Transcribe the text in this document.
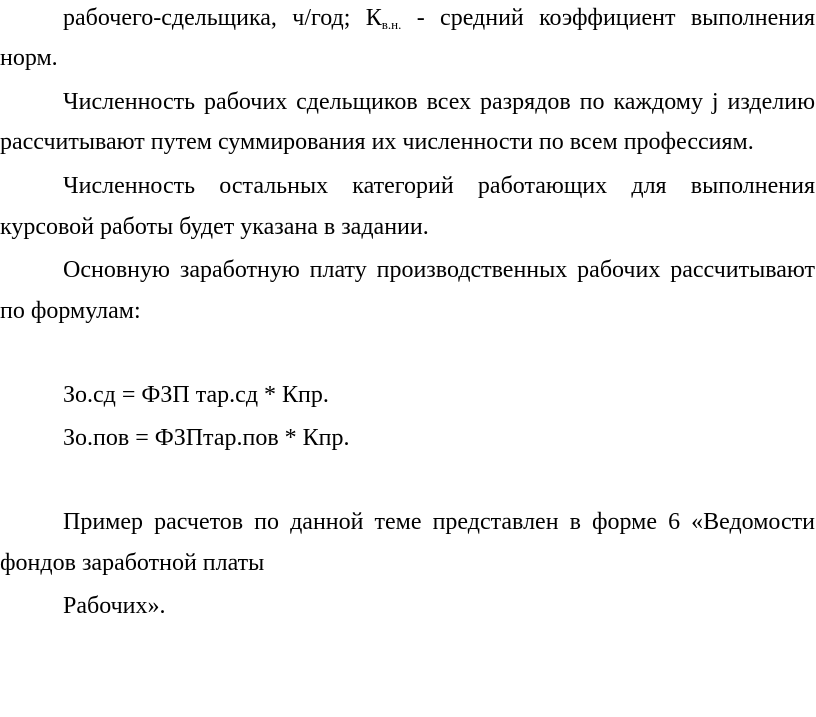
рабочего-сдельщика, ч/год; $К_{в.н.}$ - средний коэффициент выполнения

норм.

Численность рабочих сдельщиков всех разрядов по каждому j изделию

рассчитывают путем суммирования их численности по всем профессиям.

Численность остальных категорий работающих для выполнения

курсовой работы будет указана в задании.

Основную заработную плату производственных рабочих рассчитывают

по формулам:

Зо.сд = ФЗП тар.сд * Кпр.

Зо.пов = ФЗПтар.пов * Кпр.

Пример расчетов по данной теме представлен в форме 6 «Ведомости

фондов заработной платы

Рабочих».
